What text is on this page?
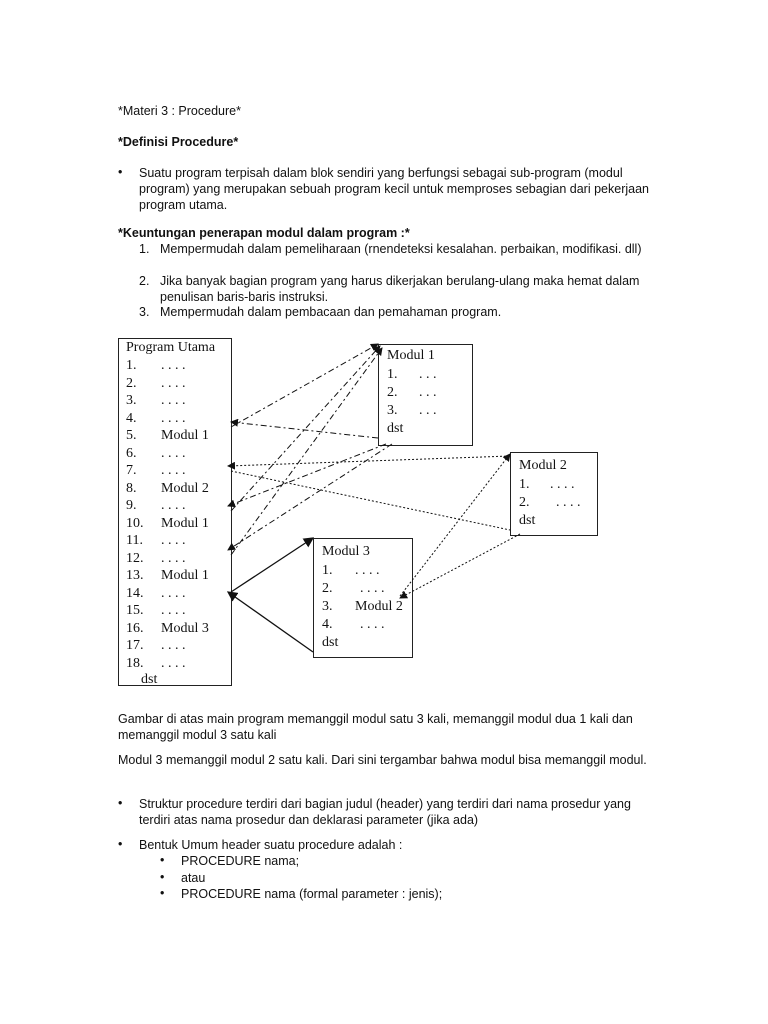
*Materi 3 : Procedure*
*Definisi Procedure*
• Suatu program terpisah dalam blok sendiri yang berfungsi sebagai sub-program (modul program) yang merupakan sebuah program kecil untuk memproses sebagian dari pekerjaan program utama.
*Keuntungan penerapan modul dalam program :*
1. Mempermudah dalam pemeliharaan (rnendeteksi kesalahan. perbaikan, modifikasi. dll)
2. Jika banyak bagian program yang harus dikerjakan berulang-ulang maka hemat dalam penulisan baris-baris instruksi.
3. Mempermudah dalam pembacaan dan pemahaman program.
Program Utama
1. . . . .
2. . . . .
3. . . . .
4. . . . .
5. Modul 1
6. . . . .
7. . . . .
8. Modul 2
9. . . . .
10. Modul 1
11. . . . .
12. . . . .
13. Modul 1
14. . . . .
15. . . . .
16. Modul 3
17. . . . .
18. . . . .
dst
Modul 1
1. . . .
2. . . .
3. . . .
dst
Modul 2
1. . . . .
2. . . . .
dst
Modul 3
1. . . . .
2. . . . .
3. Modul 2
4. . . . .
dst
Gambar di atas main program memanggil modul satu 3 kali, memanggil modul dua 1 kali dan memanggil modul 3 satu kali
Modul 3 memanggil modul 2 satu kali. Dari sini tergambar bahwa modul bisa memanggil modul.
• Struktur procedure terdiri dari bagian judul (header) yang terdiri dari nama prosedur yang terdiri atas nama prosedur dan deklarasi parameter (jika ada)
• Bentuk Umum header suatu procedure adalah :
• PROCEDURE nama;
• atau
• PROCEDURE nama (formal parameter : jenis);
